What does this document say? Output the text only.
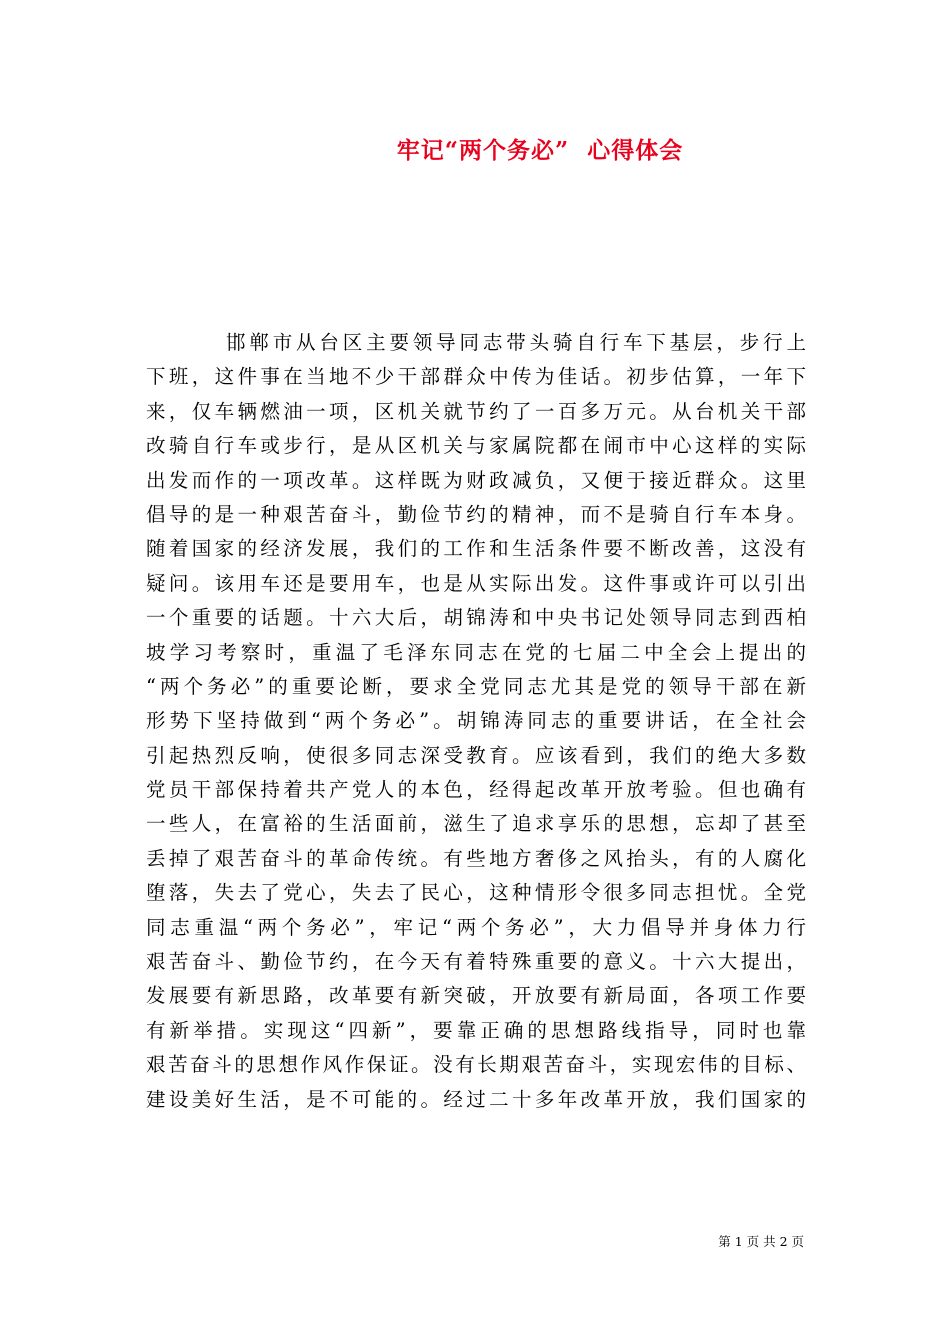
牢记“两个务必”  心得体会
邯郸市从台区主要领导同志带头骑自行车下基层，步行上
下班，这件事在当地不少干部群众中传为佳话。初步估算，一年下
来，仅车辆燃油一项，区机关就节约了一百多万元。从台机关干部
改骑自行车或步行，是从区机关与家属院都在闹市中心这样的实际
出发而作的一项改革。这样既为财政减负，又便于接近群众。这里
倡导的是一种艰苦奋斗，勤俭节约的精神，而不是骑自行车本身。
随着国家的经济发展，我们的工作和生活条件要不断改善，这没有
疑问。该用车还是要用车，也是从实际出发。这件事或许可以引出
一个重要的话题。十六大后，胡锦涛和中央书记处领导同志到西柏
坡学习考察时，重温了毛泽东同志在党的七届二中全会上提出的
“两个务必”的重要论断，要求全党同志尤其是党的领导干部在新
形势下坚持做到“两个务必”。胡锦涛同志的重要讲话，在全社会
引起热烈反响，使很多同志深受教育。应该看到，我们的绝大多数
党员干部保持着共产党人的本色，经得起改革开放考验。但也确有
一些人，在富裕的生活面前，滋生了追求享乐的思想，忘却了甚至
丢掉了艰苦奋斗的革命传统。有些地方奢侈之风抬头，有的人腐化
堕落，失去了党心，失去了民心，这种情形令很多同志担忧。全党
同志重温“两个务必”，牢记“两个务必”，大力倡导并身体力行
艰苦奋斗、勤俭节约，在今天有着特殊重要的意义。十六大提出，
发展要有新思路，改革要有新突破，开放要有新局面，各项工作要
有新举措。实现这“四新”，要靠正确的思想路线指导，同时也靠
艰苦奋斗的思想作风作保证。没有长期艰苦奋斗，实现宏伟的目标、
建设美好生活，是不可能的。经过二十多年改革开放，我们国家的
第 1 页 共 2 页
